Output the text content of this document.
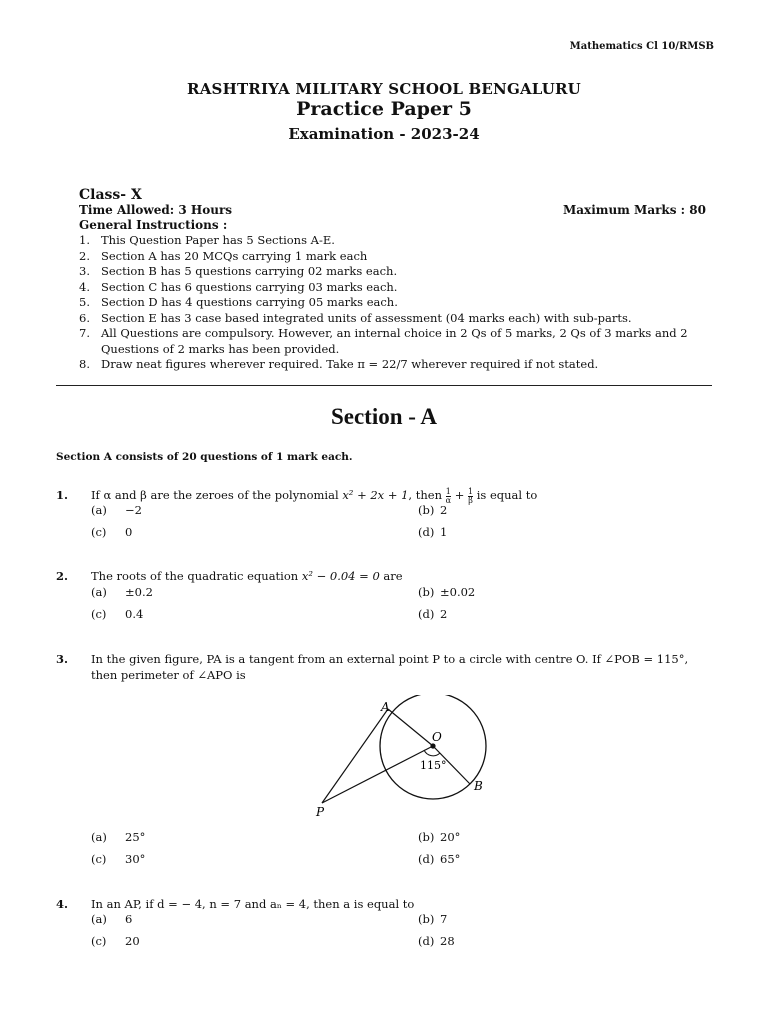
Mathematics Cl 10/RMSB
RASHTRIYA MILITARY SCHOOL BENGALURU
Practice Paper 5
Examination - 2023-24
Class- X
Time Allowed: 3 Hours	Maximum Marks : 80
General Instructions :
1. This Question Paper has 5 Sections A-E.
2. Section A has 20 MCQs carrying 1 mark each
3. Section B has 5 questions carrying 02 marks each.
4. Section C has 6 questions carrying 03 marks each.
5. Section D has 4 questions carrying 05 marks each.
6. Section E has 3 case based integrated units of assessment (04 marks each) with sub-parts.
7. All Questions are compulsory. However, an internal choice in 2 Qs of 5 marks, 2 Qs of 3 marks and 2 Questions of 2 marks has been provided.
8. Draw neat figures wherever required. Take π = 22/7 wherever required if not stated.
Section - A
Section A consists of 20 questions of 1 mark each.
1. If α and β are the zeroes of the polynomial x² + 2x + 1, then $\frac{1}{\alpha} + \frac{1}{\beta}$ is equal to
(a) −2	(b) 2
(c) 0	(d) 1
2. The roots of the quadratic equation x² − 0.04 = 0 are
(a) ±0.2	(b) ±0.02
(c) 0.4	(d) 2
3. In the given figure, PA is a tangent from an external point P to a circle with centre O. If ∠POB = 115°, then perimeter of ∠APO is
A
O
115°
B
P
(a) 25°	(b) 20°
(c) 30°	(d) 65°
4. In an AP, if d = − 4, n = 7 and aₙ = 4, then a is equal to
(a) 6	(b) 7
(c) 20	(d) 28
